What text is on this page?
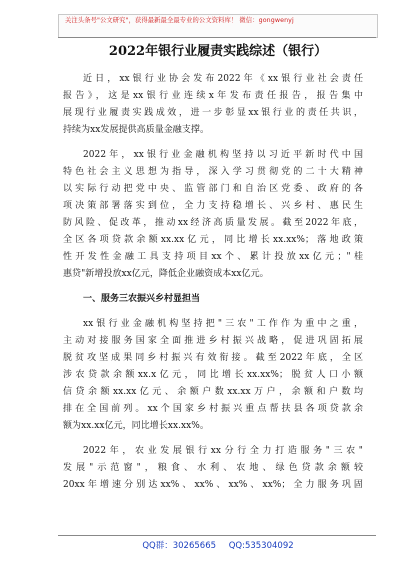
关注头条号"公文研究"，获得最新最全最专业的公文资料库！ 微信：gongwenyj
2022年银行业履责实践综述（银行）
近日，xx银行业协会发布2022年《xx银行业社会责任
报告》，这是xx银行业连续x年发布责任报告，报告集中
展现行业履责实践成效，进一步彰显xx银行业的责任共识，
持续为xx发展提供高质量金融支撑。
2022年，xx银行业金融机构坚持以习近平新时代中国
特色社会主义思想为指导，深入学习贯彻党的二十大精神
以实际行动把党中央、监管部门和自治区党委、政府的各
项决策部署落实到位，全力支持稳增长、兴乡村、惠民生
防风险、促改革，推动xx经济高质量发展。截至2022年底，
全区各项贷款余额xx.xx亿元，同比增长xx.xx%；落地政策
性开发性金融工具支持项目xx个、累计投放xx亿元；"桂
惠贷"新增投放xx亿元，降低企业融资成本xx亿元。
一、服务三农振兴乡村显担当
xx银行业金融机构坚持把"三农"工作作为重中之重，
主动对接服务国家全面推进乡村振兴战略，促进巩固拓展
脱贫攻坚成果同乡村振兴有效衔接。截至2022年底，全区
涉农贷款余额xx.x亿元，同比增长xx.xx%；脱贫人口小额
信贷余额xx.xx亿元、余额户数xx.xx万户，余额和户数均
排在全国前列。xx个国家乡村振兴重点帮扶县各项贷款余
额为xx.xx亿元，同比增长xx.xx%。
2022年，农业发展银行xx分行全力打造服务"三农"
发展"示范窗"，粮食、水利、农地、绿色贷款余额较
20xx年增速分别达xx%、xx%、xx%、xx%；全力服务巩固
QQ群：30265665 QQ:535304092
